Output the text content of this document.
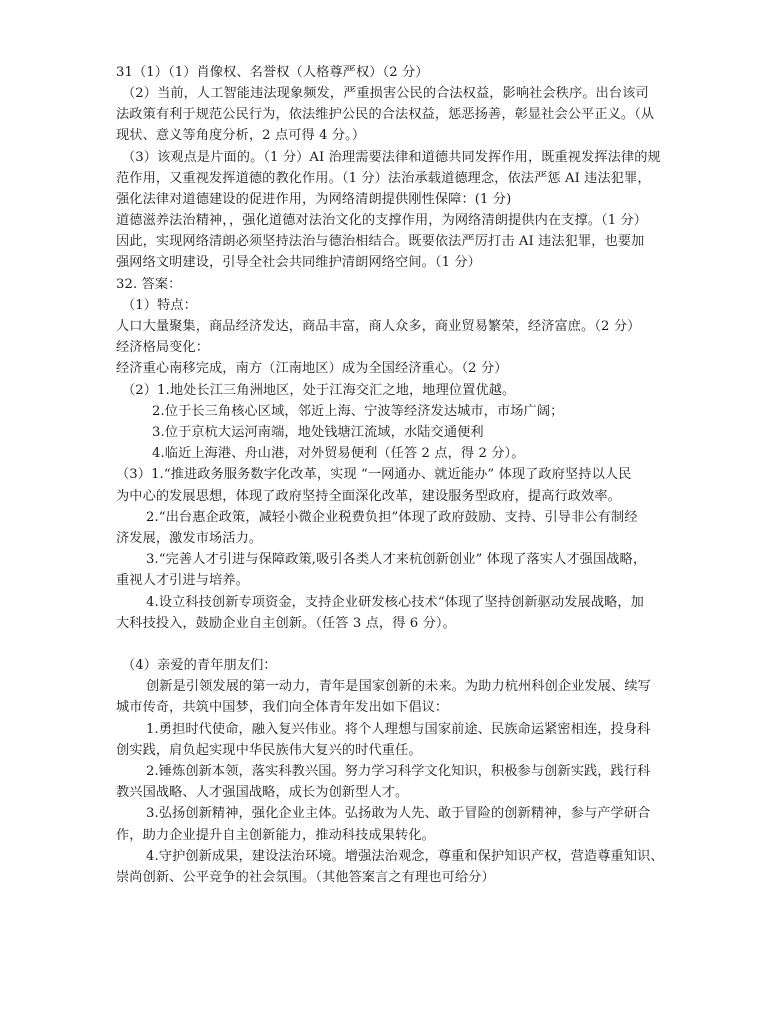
31（1）（1）肖像权、名誉权（人格尊严权）（2 分）
（2）当前，人工智能违法现象频发，严重损害公民的合法权益，影响社会秩序。出台该司
法政策有利于规范公民行为，依法维护公民的合法权益，惩恶扬善，彰显社会公平正义。（从
现状、意义等角度分析，2 点可得 4 分。）
（3）该观点是片面的。（1 分）AI 治理需要法律和道德共同发挥作用，既重视发挥法律的规
范作用，又重视发挥道德的教化作用。（1 分）法治承载道德理念，依法严惩 AI 违法犯罪，
强化法律对道德建设的促进作用，为网络清朗提供刚性保障：(1 分)
道德滋养法治精神，，强化道德对法治文化的支撑作用，为网络清朗提供内在支撑。（1 分）
因此，实现网络清朗必须坚持法治与德治相结合。既要依法严厉打击 AI 违法犯罪，也要加
强网络文明建设，引导全社会共同维护清朗网络空间。（1 分）
32. 答案：
（1）特点：
人口大量聚集，商品经济发达，商品丰富，商人众多，商业贸易繁荣，经济富庶。（2 分）
经济格局变化：
经济重心南移完成，南方（江南地区）成为全国经济重心。（2 分）
（2）1.地处长江三角洲地区，处于江海交汇之地，地理位置优越。
2.位于长三角核心区域，邻近上海、宁波等经济发达城市，市场广阔；
3.位于京杭大运河南端，地处钱塘江流域，水陆交通便利
4.临近上海港、舟山港，对外贸易便利（任答 2 点，得 2 分）。
（3）1.“推进政务服务数字化改革，实现 “一网通办、就近能办” 体现了政府坚持以人民
为中心的发展思想，体现了政府坚持全面深化改革，建设服务型政府，提高行政效率。
2.“出台惠企政策，减轻小微企业税费负担”体现了政府鼓励、支持、引导非公有制经
济发展，激发市场活力。
3.“完善人才引进与保障政策,吸引各类人才来杭创新创业” 体现了落实人才强国战略，
重视人才引进与培养。
4.设立科技创新专项资金，支持企业研发核心技术“体现了坚持创新驱动发展战略，加
大科技投入，鼓励企业自主创新。（任答 3 点，得 6 分）。
（4）亲爱的青年朋友们：
创新是引领发展的第一动力，青年是国家创新的未来。为助力杭州科创企业发展、续写
城市传奇，共筑中国梦，我们向全体青年发出如下倡议：
1.勇担时代使命，融入复兴伟业。将个人理想与国家前途、民族命运紧密相连，投身科
创实践，肩负起实现中华民族伟大复兴的时代重任。
2.锤炼创新本领，落实科教兴国。努力学习科学文化知识，积极参与创新实践，践行科
教兴国战略、人才强国战略，成长为创新型人才。
3.弘扬创新精神，强化企业主体。弘扬敢为人先、敢于冒险的创新精神，参与产学研合
作，助力企业提升自主创新能力，推动科技成果转化。
4.守护创新成果，建设法治环境。增强法治观念，尊重和保护知识产权，营造尊重知识、
崇尚创新、公平竞争的社会氛围。（其他答案言之有理也可给分）
